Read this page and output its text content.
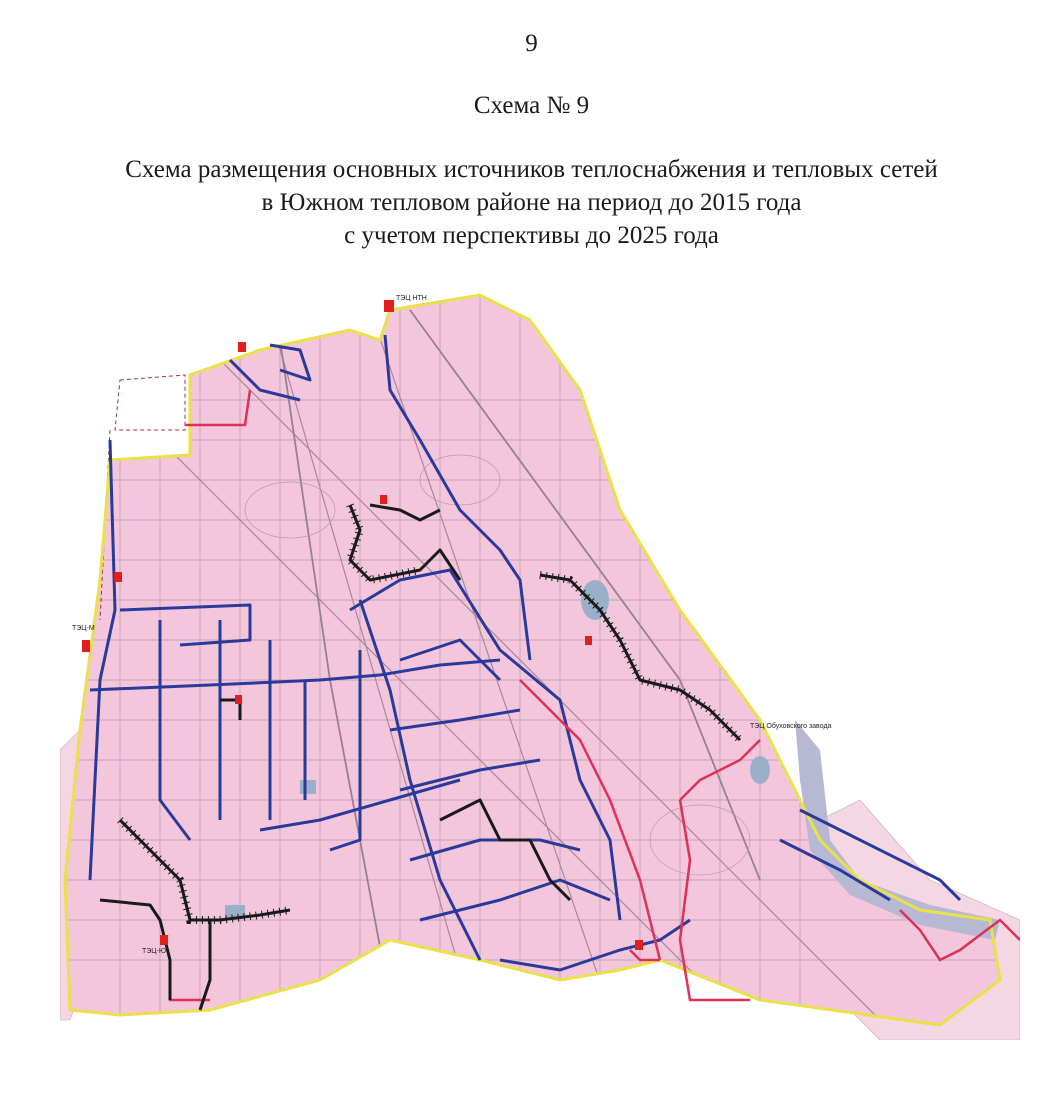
9
Схема № 9
Схема размещения основных источников теплоснабжения и тепловых сетей
в Южном тепловом районе на период до 2015 года
с учетом перспективы до 2025 года
ТЭЦ НТН
ТЭЦ-М
ТЭЦ Обуховского завода
ТЭЦ-Ю
